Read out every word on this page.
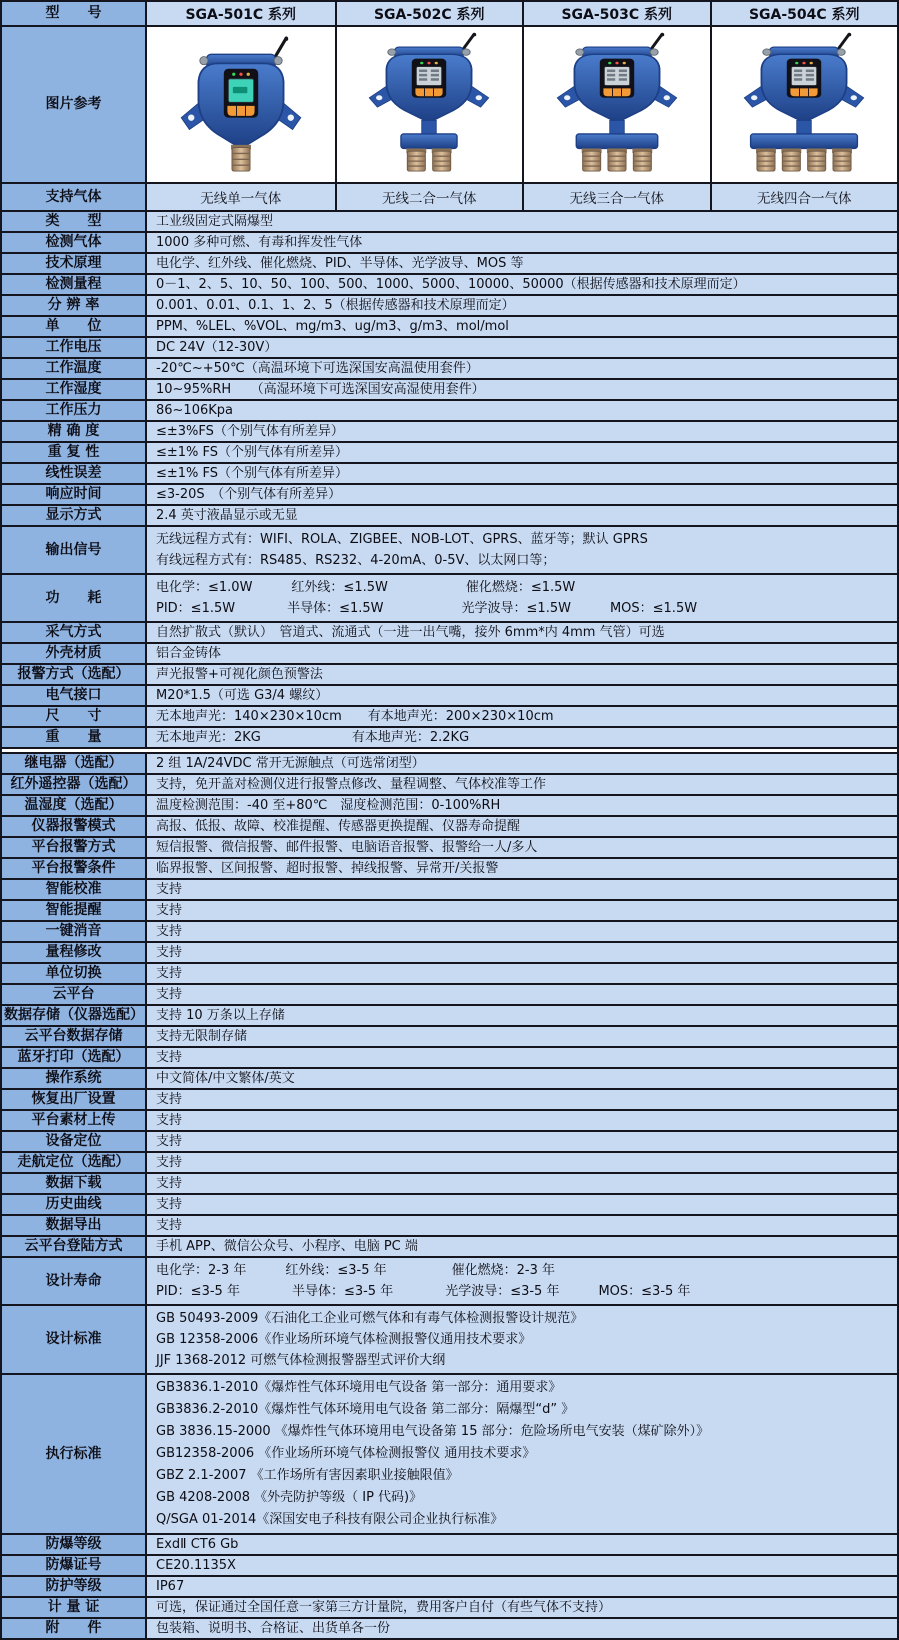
型　　号	SGA-501C 系列	SGA-502C 系列	SGA-503C 系列	SGA-504C 系列
图片参考
支持气体	无线单一气体	无线二合一气体	无线三合一气体	无线四合一气体
类　　型	工业级固定式隔爆型
检测气体	1000 多种可燃、有毒和挥发性气体
技术原理	电化学、红外线、催化燃烧、PID、半导体、光学波导、MOS 等
检测量程	0－1、2、5、10、50、100、500、1000、5000、10000、50000（根据传感器和技术原理而定）
分 辨 率	0.001、0.01、0.1、1、2、5（根据传感器和技术原理而定）
单　　位	PPM、%LEL、%VOL、mg/m3、ug/m3、g/m3、mol/mol
工作电压	DC 24V（12-30V）
工作温度	-20℃~+50℃（高温环境下可选深国安高温使用套件）
工作湿度	10~95%RH　　（高湿环境下可选深国安高湿使用套件）
工作压力	86~106Kpa
精 确 度	≤±3%FS（个别气体有所差异）
重 复 性	≤±1% FS（个别气体有所差异）
线性误差	≤±1% FS（个别气体有所差异）
响应时间	≤3-20S　（个别气体有所差异）
显示方式	2.4 英寸液晶显示或无显
输出信号
无线远程方式有：WIFI、ROLA、ZIGBEE、NOB-LOT、GPRS、蓝牙等；默认 GPRS
有线远程方式有：RS485、RS232、4-20mA、0-5V、以太网口等；
功　　耗
电化学：≤1.0W　　　红外线：≤1.5W　　　　　　催化燃烧：≤1.5W
PID：≤1.5W　　　　半导体：≤1.5W　　　　　　光学波导：≤1.5W　　　MOS：≤1.5W
采气方式	自然扩散式（默认）　管道式、流通式（一进一出气嘴，接外 6mm*内 4mm 气管）可选
外壳材质	铝合金铸体
报警方式（选配）	声光报警+可视化颜色预警法
电气接口	M20*1.5（可选 G3/4 螺纹）
尺　　寸	无本地声光：140×230×10cm　　有本地声光：200×230×10cm
重　　量	无本地声光：2KG　　　　　　　有本地声光：2.2KG
继电器（选配）	2 组 1A/24VDC 常开无源触点（可选常闭型）
红外遥控器（选配）	支持，免开盖对检测仪进行报警点修改、量程调整、气体校准等工作
温湿度（选配）	温度检测范围：-40 至+80℃　湿度检测范围：0-100%RH
仪器报警模式	高报、低报、故障、校准提醒、传感器更换提醒、仪器寿命提醒
平台报警方式	短信报警、微信报警、邮件报警、电脑语音报警、报警给一人/多人
平台报警条件	临界报警、区间报警、超时报警、掉线报警、异常开/关报警
智能校准	支持
智能提醒	支持
一键消音	支持
量程修改	支持
单位切换	支持
云平台	支持
数据存储（仪器选配） 支持 10 万条以上存储
云平台数据存储	支持无限制存储
蓝牙打印（选配）	支持
操作系统	中文简体/中文繁体/英文
恢复出厂设置	支持
平台素材上传	支持
设备定位	支持
走航定位（选配）	支持
数据下载	支持
历史曲线	支持
数据导出	支持
云平台登陆方式	手机 APP、微信公众号、小程序、电脑 PC 端
设计寿命
电化学：2-3 年　　　红外线：≤3-5 年　　　　　催化燃烧：2-3 年
PID：≤3-5 年　　　　半导体：≤3-5 年　　　　光学波导：≤3-5 年　　　MOS：≤3-5 年
设计标准
GB 50493-2009《石油化工企业可燃气体和有毒气体检测报警设计规范》
GB 12358-2006《作业场所环境气体检测报警仪通用技术要求》
JJF 1368-2012 可燃气体检测报警器型式评价大纲
执行标准
GB3836.1-2010《爆炸性气体环境用电气设备 第一部分：通用要求》
GB3836.2-2010《爆炸性气体环境用电气设备 第二部分：隔爆型“d” 》
GB 3836.15-2000 《爆炸性气体环境用电气设备第 15 部分：危险场所电气安装（煤矿除外）》
GB12358-2006 《作业场所环境气体检测报警仪 通用技术要求》
GBZ 2.1-2007 《工作场所有害因素职业接触限值》
GB 4208-2008 《外壳防护等级（ IP 代码)》
Q/SGA 01-2014《深国安电子科技有限公司企业执行标准》
防爆等级	ExdⅡ CT6 Gb
防爆证号	CE20.1135X
防护等级	IP67
计 量 证	可选，保证通过全国任意一家第三方计量院，费用客户自付（有些气体不支持）
附　　件	包装箱、说明书、合格证、出货单各一份
